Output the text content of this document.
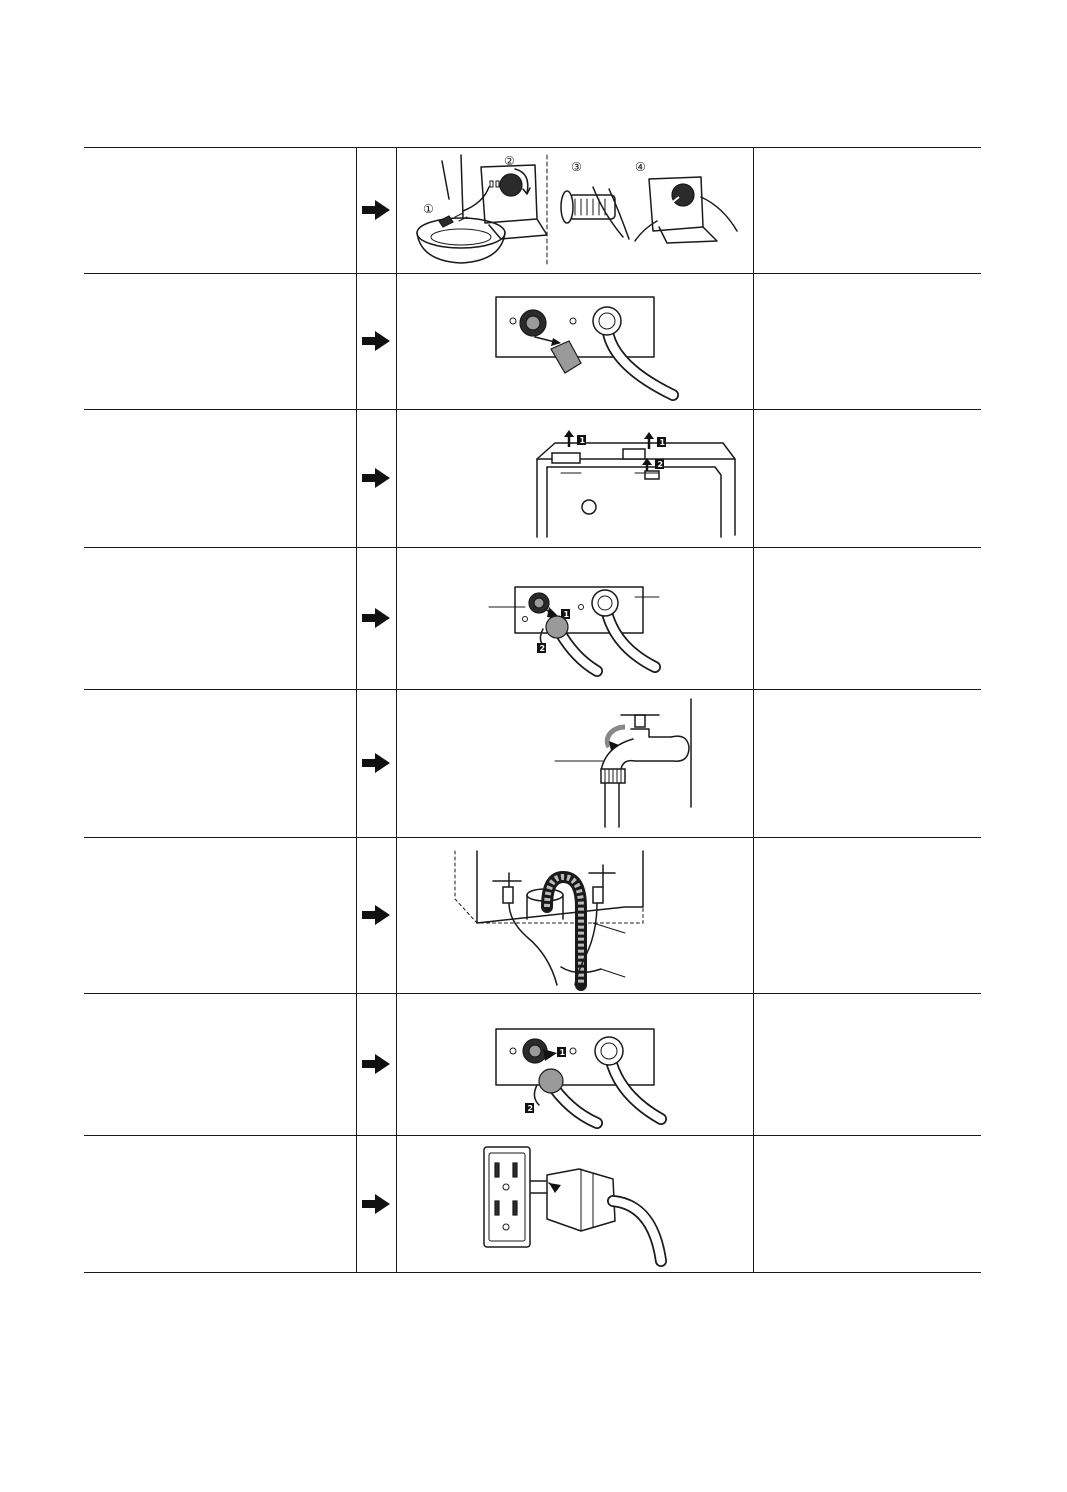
②
①
③	④
1	1
2
1
2
1
2
